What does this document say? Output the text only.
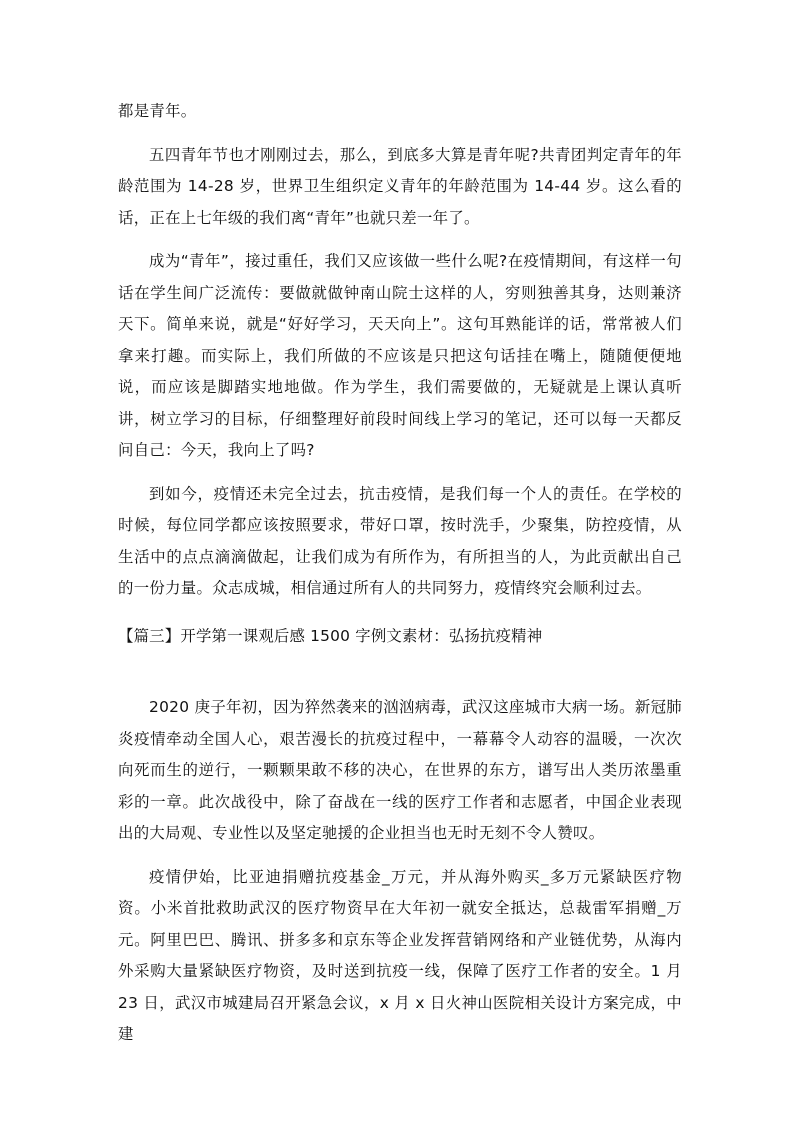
都是青年。

五四青年节也才刚刚过去，那么，到底多大算是青年呢?共青团判定青年的年龄范围为 14-28 岁，世界卫生组织定义青年的年龄范围为 14-44 岁。这么看的话，正在上七年级的我们离“青年”也就只差一年了。

成为“青年”，接过重任，我们又应该做一些什么呢?在疫情期间，有这样一句话在学生间广泛流传：要做就做钟南山院士这样的人，穷则独善其身，达则兼济天下。简单来说，就是“好好学习，天天向上”。这句耳熟能详的话，常常被人们拿来打趣。而实际上，我们所做的不应该是只把这句话挂在嘴上，随随便便地说，而应该是脚踏实地地做。作为学生，我们需要做的，无疑就是上课认真听讲，树立学习的目标，仔细整理好前段时间线上学习的笔记，还可以每一天都反问自己：今天，我向上了吗?

到如今，疫情还未完全过去，抗击疫情，是我们每一个人的责任。在学校的时候，每位同学都应该按照要求，带好口罩，按时洗手，少聚集，防控疫情，从生活中的点点滴滴做起，让我们成为有所作为，有所担当的人，为此贡献出自己的一份力量。众志成城，相信通过所有人的共同努力，疫情终究会顺利过去。

【篇三】开学第一课观后感 1500 字例文素材：弘扬抗疫精神

2020 庚子年初，因为猝然袭来的汹汹病毒，武汉这座城市大病一场。新冠肺炎疫情牵动全国人心，艰苦漫长的抗疫过程中，一幕幕令人动容的温暖，一次次向死而生的逆行，一颗颗果敢不移的决心，在世界的东方，谱写出人类历浓墨重彩的一章。此次战役中，除了奋战在一线的医疗工作者和志愿者，中国企业表现出的大局观、专业性以及坚定驰援的企业担当也无时无刻不令人赞叹。

疫情伊始，比亚迪捐赠抗疫基金_万元，并从海外购买_多万元紧缺医疗物资。小米首批救助武汉的医疗物资早在大年初一就安全抵达，总裁雷军捐赠_万元。阿里巴巴、腾讯、拼多多和京东等企业发挥营销网络和产业链优势，从海内外采购大量紧缺医疗物资，及时送到抗疫一线，保障了医疗工作者的安全。1 月 23 日，武汉市城建局召开紧急会议，x 月 x 日火神山医院相关设计方案完成，中建
